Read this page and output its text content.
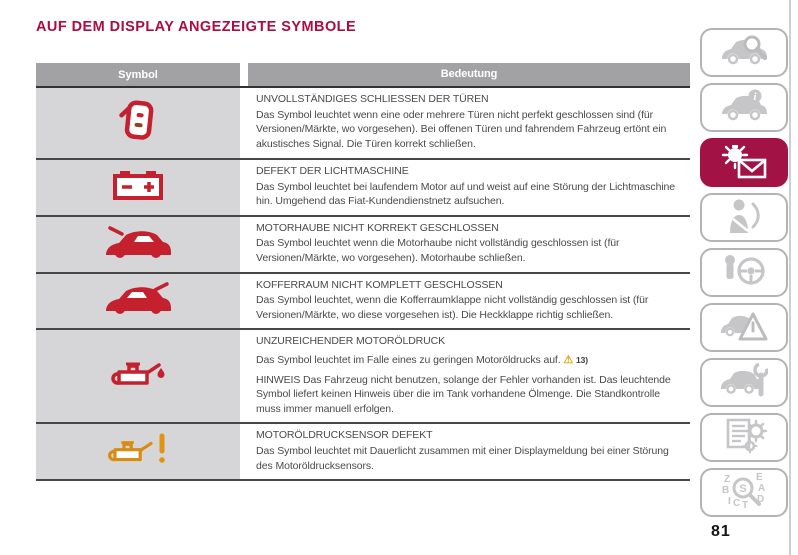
AUF DEM DISPLAY ANGEZEIGTE SYMBOLE
Symbol	Bedeutung
UNVOLLSTÄNDIGES SCHLIESSEN DER TÜREN
Das Symbol leuchtet wenn eine oder mehrere Türen nicht perfekt geschlossen sind (für Versionen/Märkte, wo vorgesehen). Bei offenen Türen und fahrendem Fahrzeug ertönt ein akustisches Signal. Die Türen korrekt schließen.
DEFEKT DER LICHTMASCHINE
Das Symbol leuchtet bei laufendem Motor auf und weist auf eine Störung der Lichtmaschine hin. Umgehend das Fiat-Kundendienstnetz aufsuchen.
MOTORHAUBE NICHT KORREKT GESCHLOSSEN
Das Symbol leuchtet wenn die Motorhaube nicht vollständig geschlossen ist (für Versionen/Märkte, wo vorgesehen). Motorhaube schließen.
KOFFERRAUM NICHT KOMPLETT GESCHLOSSEN
Das Symbol leuchtet, wenn die Kofferraumklappe nicht vollständig geschlossen ist (für Versionen/Märkte, wo diese vorgesehen ist). Die Heckklappe richtig schließen.
UNZUREICHENDER MOTORÖLDRUCK
Das Symbol leuchtet im Falle eines zu geringen Motoröldrucks auf. ⚠ 13)
HINWEIS Das Fahrzeug nicht benutzen, solange der Fehler vorhanden ist. Das leuchtende Symbol liefert keinen Hinweis über die im Tank vorhandene Ölmenge. Die Standkontrolle muss immer manuell erfolgen.
MOTORÖLDRUCKSENSOR DEFEKT
Das Symbol leuchtet mit Dauerlicht zusammen mit einer Displaymeldung bei einer Störung des Motoröldrucksensors.
i
Z	E
B	A
I C T
D
S
81
